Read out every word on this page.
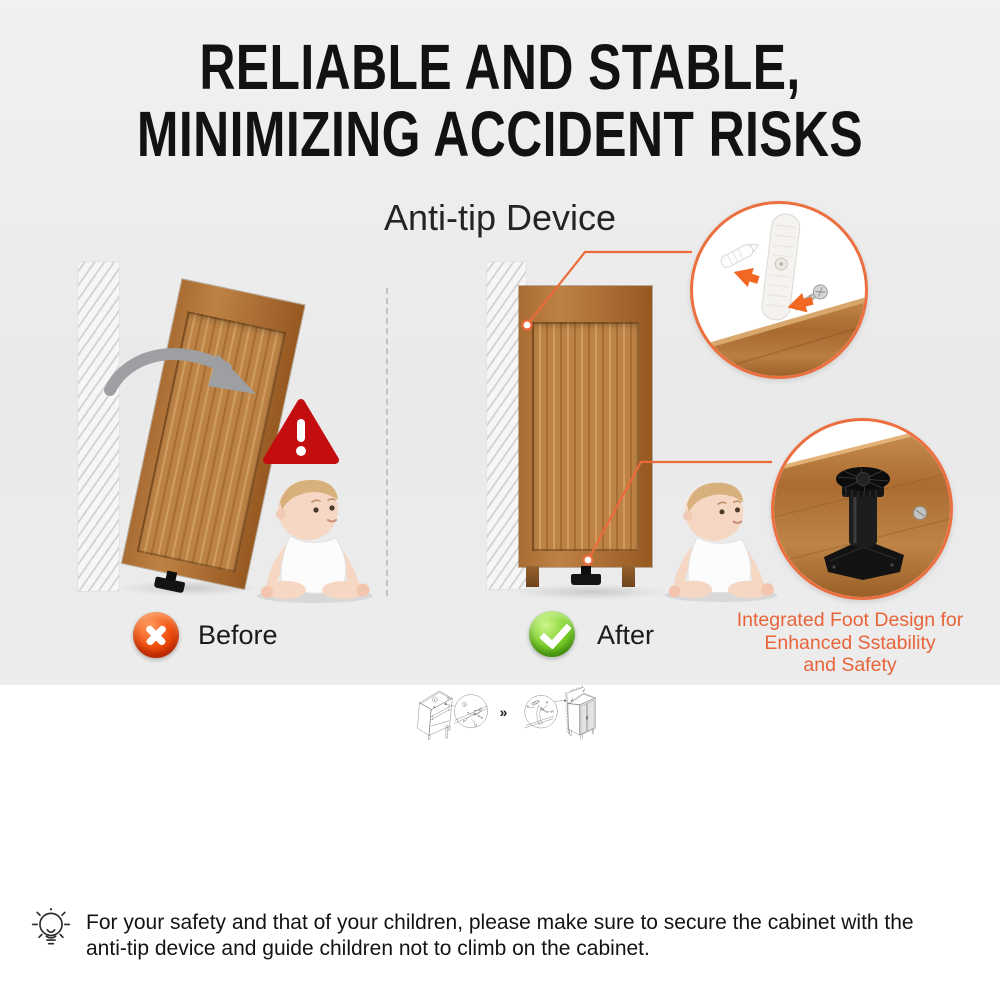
RELIABLE AND STABLE,
MINIMIZING ACCIDENT RISKS
Anti-tip Device
Before	Integrated Foot Design for
Enhanced Sstability
and Safety
After
1
1
Q
P
O
S
P
R
»
For your safety and that of your children, please make sure to secure the cabinet with the
anti-tip device and guide children not to climb on the cabinet.
